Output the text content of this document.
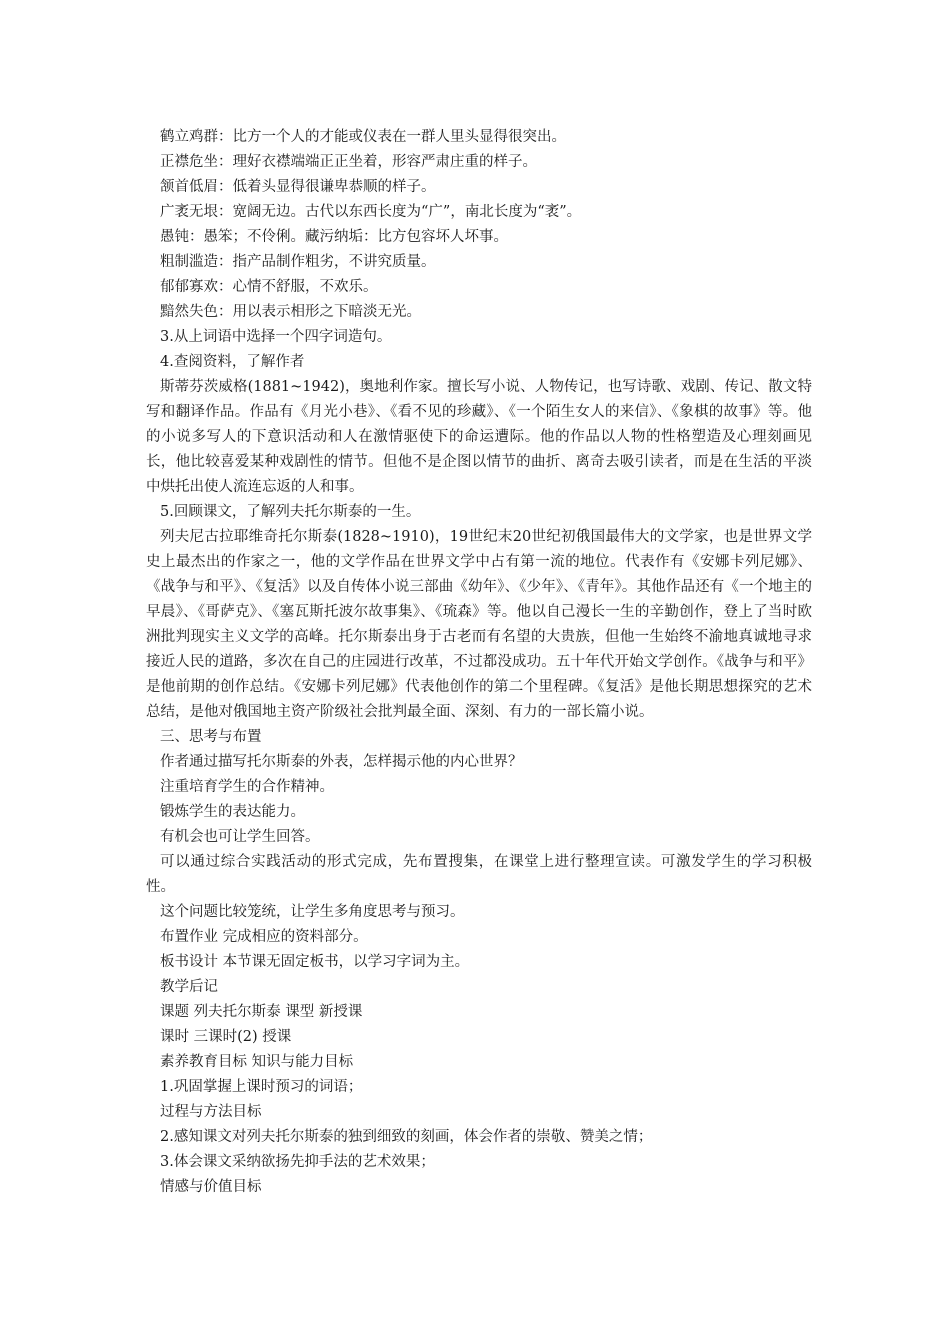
鹤立鸡群：比方一个人的才能或仪表在一群人里头显得很突出。

正襟危坐：理好衣襟端端正正坐着，形容严肃庄重的样子。

颔首低眉：低着头显得很谦卑恭顺的样子。

广袤无垠：宽阔无边。古代以东西长度为“广”，南北长度为“袤”。

愚钝：愚笨；不伶俐。藏污纳垢：比方包容坏人坏事。

粗制滥造：指产品制作粗劣，不讲究质量。

郁郁寡欢：心情不舒服，不欢乐。

黯然失色：用以表示相形之下暗淡无光。

3.从上词语中选择一个四字词造句。

4.查阅资料，了解作者

斯蒂芬茨威格(1881~1942)，奥地利作家。擅长写小说、人物传记，也写诗歌、戏剧、传记、散文特写和翻译作品。作品有《月光小巷》、《看不见的珍藏》、《一个陌生女人的来信》、《象棋的故事》等。他的小说多写人的下意识活动和人在激情驱使下的命运遭际。他的作品以人物的性格塑造及心理刻画见长，他比较喜爱某种戏剧性的情节。但他不是企图以情节的曲折、离奇去吸引读者，而是在生活的平淡中烘托出使人流连忘返的人和事。

5.回顾课文，了解列夫托尔斯泰的一生。

列夫尼古拉耶维奇托尔斯泰(1828~1910)，19世纪末20世纪初俄国最伟大的文学家，也是世界文学史上最杰出的作家之一，他的文学作品在世界文学中占有第一流的地位。代表作有《安娜卡列尼娜》、《战争与和平》、《复活》以及自传体小说三部曲《幼年》、《少年》、《青年》。其他作品还有《一个地主的早晨》、《哥萨克》、《塞瓦斯托波尔故事集》、《琉森》等。他以自己漫长一生的辛勤创作，登上了当时欧洲批判现实主义文学的高峰。托尔斯泰出身于古老而有名望的大贵族，但他一生始终不渝地真诚地寻求接近人民的道路，多次在自己的庄园进行改革，不过都没成功。五十年代开始文学创作。《战争与和平》是他前期的创作总结。《安娜卡列尼娜》代表他创作的第二个里程碑。《复活》是他长期思想探究的艺术总结，是他对俄国地主资产阶级社会批判最全面、深刻、有力的一部长篇小说。

三、思考与布置

作者通过描写托尔斯泰的外表，怎样揭示他的内心世界？

注重培育学生的合作精神。

锻炼学生的表达能力。

有机会也可让学生回答。

可以通过综合实践活动的形式完成，先布置搜集，在课堂上进行整理宣读。可激发学生的学习积极性。

这个问题比较笼统，让学生多角度思考与预习。

布置作业 完成相应的资料部分。

板书设计 本节课无固定板书，以学习字词为主。

教学后记

课题 列夫托尔斯泰 课型 新授课

课时 三课时(2) 授课

素养教育目标 知识与能力目标

1.巩固掌握上课时预习的词语；

过程与方法目标

2.感知课文对列夫托尔斯泰的独到细致的刻画，体会作者的崇敬、赞美之情；

3.体会课文采纳欲扬先抑手法的艺术效果；

情感与价值目标
